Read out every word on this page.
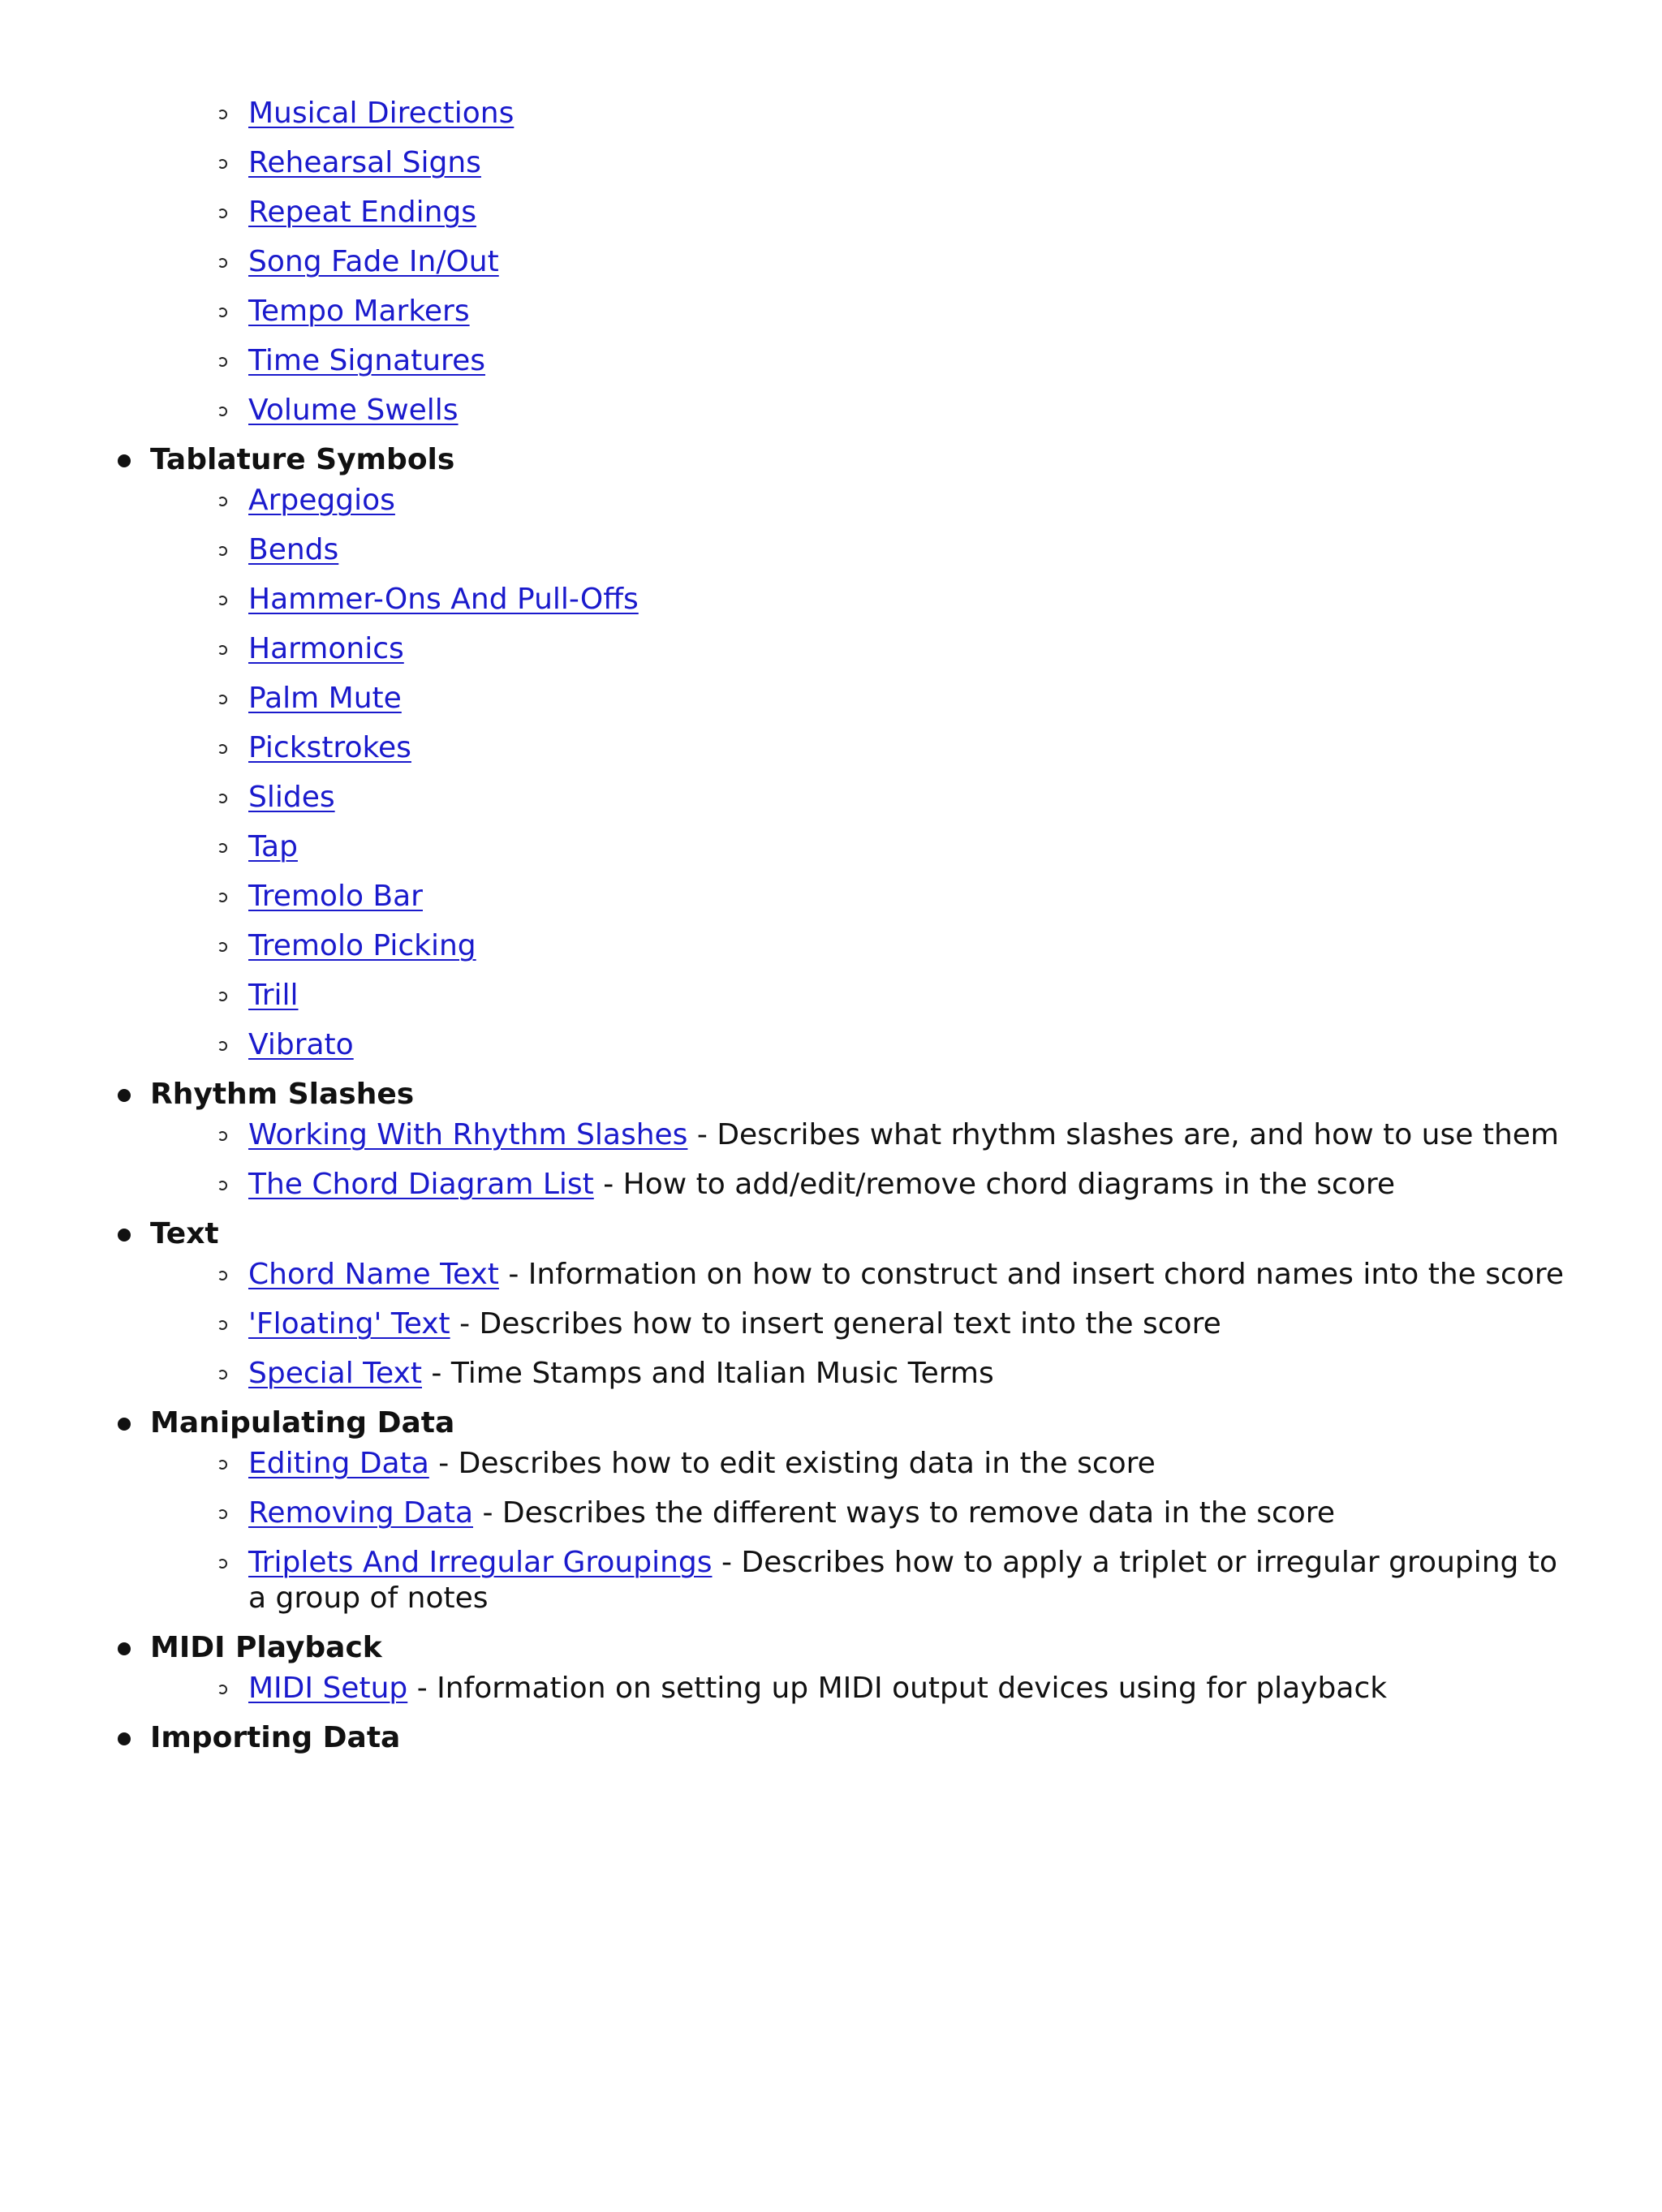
Musical Directions
Rehearsal Signs
Repeat Endings
Song Fade In/Out
Tempo Markers
Time Signatures
Volume Swells
Tablature Symbols
Arpeggios
Bends
Hammer-Ons And Pull-Offs
Harmonics
Palm Mute
Pickstrokes
Slides
Tap
Tremolo Bar
Tremolo Picking
Trill
Vibrato
Rhythm Slashes
Working With Rhythm Slashes - Describes what rhythm slashes are, and how to use them
The Chord Diagram List - How to add/edit/remove chord diagrams in the score
Text
Chord Name Text - Information on how to construct and insert chord names into the score
'Floating' Text - Describes how to insert general text into the score
Special Text - Time Stamps and Italian Music Terms
Manipulating Data
Editing Data - Describes how to edit existing data in the score
Removing Data - Describes the different ways to remove data in the score
Triplets And Irregular Groupings - Describes how to apply a triplet or irregular grouping to a group of notes
MIDI Playback
MIDI Setup - Information on setting up MIDI output devices using for playback
Importing Data
